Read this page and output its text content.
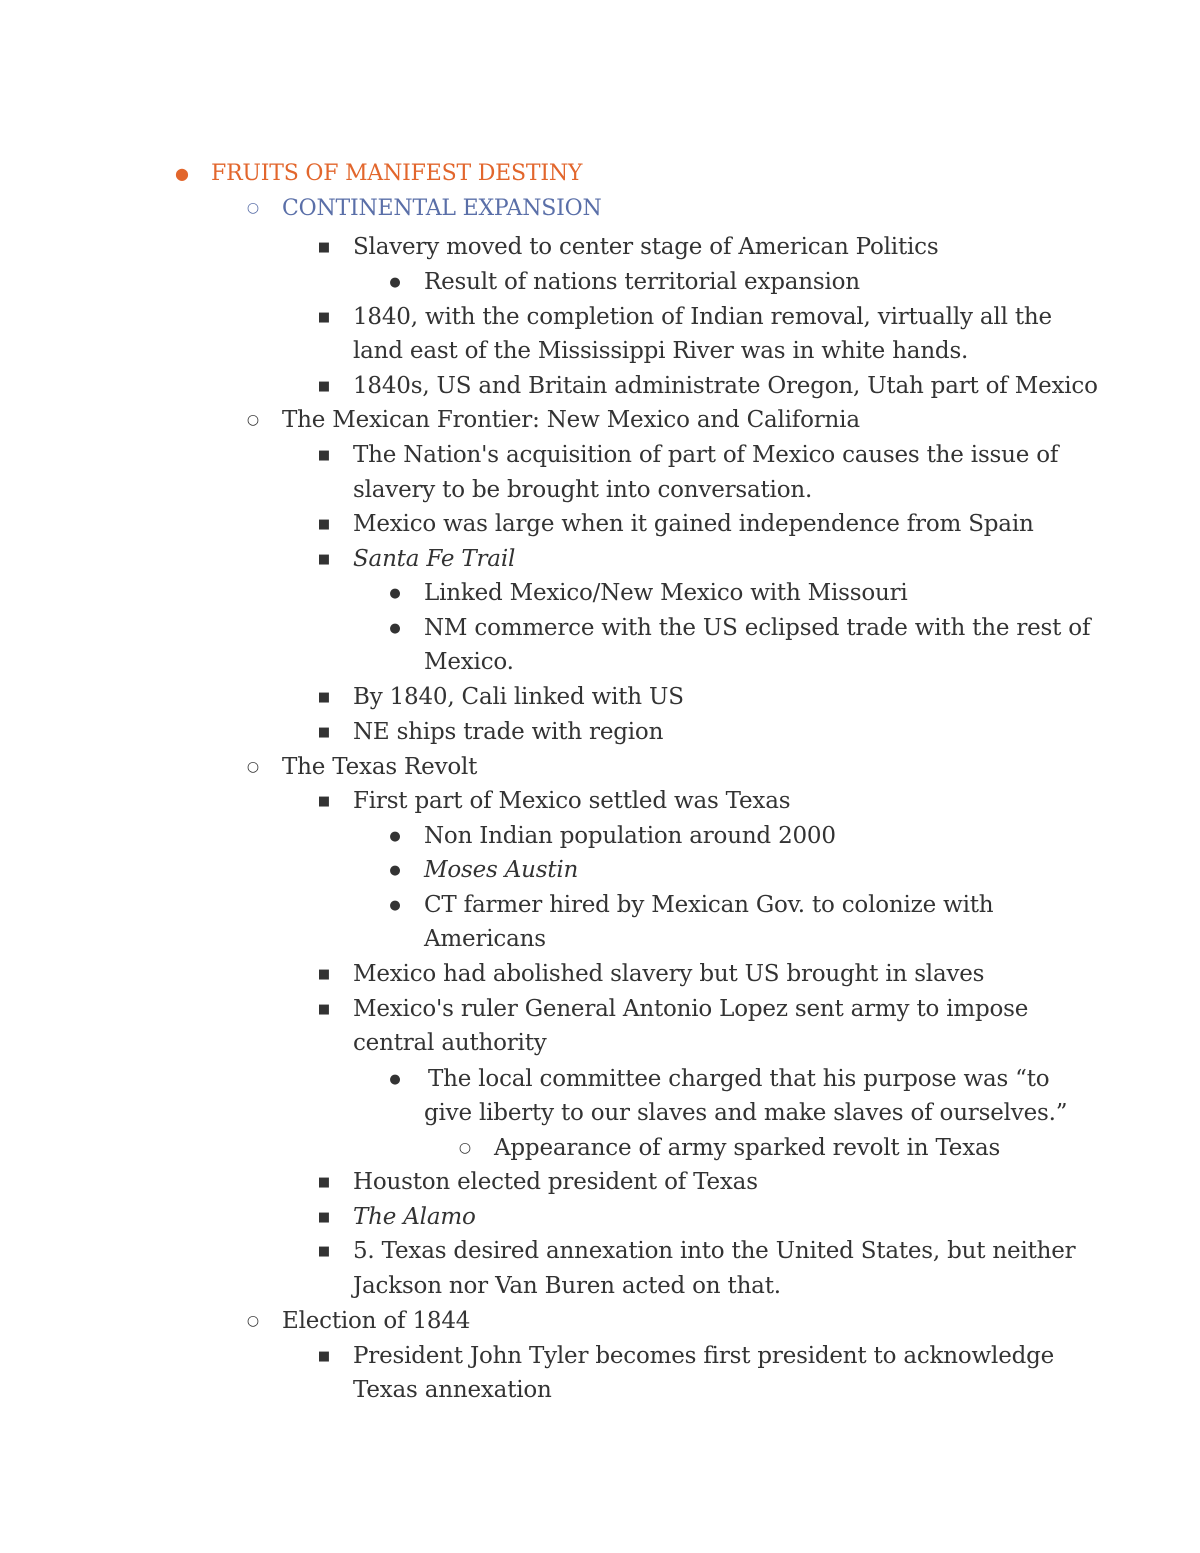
● FRUITS OF MANIFEST DESTINY
○ CONTINENTAL EXPANSION
■ Slavery moved to center stage of American Politics
● Result of nations territorial expansion
■ 1840, with the completion of Indian removal, virtually all the
land east of the Mississippi River was in white hands.
■ 1840s, US and Britain administrate Oregon, Utah part of Mexico
○ The Mexican Frontier: New Mexico and California
■ The Nation's acquisition of part of Mexico causes the issue of
slavery to be brought into conversation.
■ Mexico was large when it gained independence from Spain
■ Santa Fe Trail
● Linked Mexico/New Mexico with Missouri
● NM commerce with the US eclipsed trade with the rest of
Mexico.
■ By 1840, Cali linked with US
■ NE ships trade with region
○ The Texas Revolt
■ First part of Mexico settled was Texas
● Non Indian population around 2000
● Moses Austin
● CT farmer hired by Mexican Gov. to colonize with
Americans
■ Mexico had abolished slavery but US brought in slaves
■ Mexico's ruler General Antonio Lopez sent army to impose
central authority
● The local committee charged that his purpose was “to
give liberty to our slaves and make slaves of ourselves.”
○ Appearance of army sparked revolt in Texas
■ Houston elected president of Texas
■ The Alamo
■ 5. Texas desired annexation into the United States, but neither
Jackson nor Van Buren acted on that.
○ Election of 1844
■ President John Tyler becomes first president to acknowledge
Texas annexation
